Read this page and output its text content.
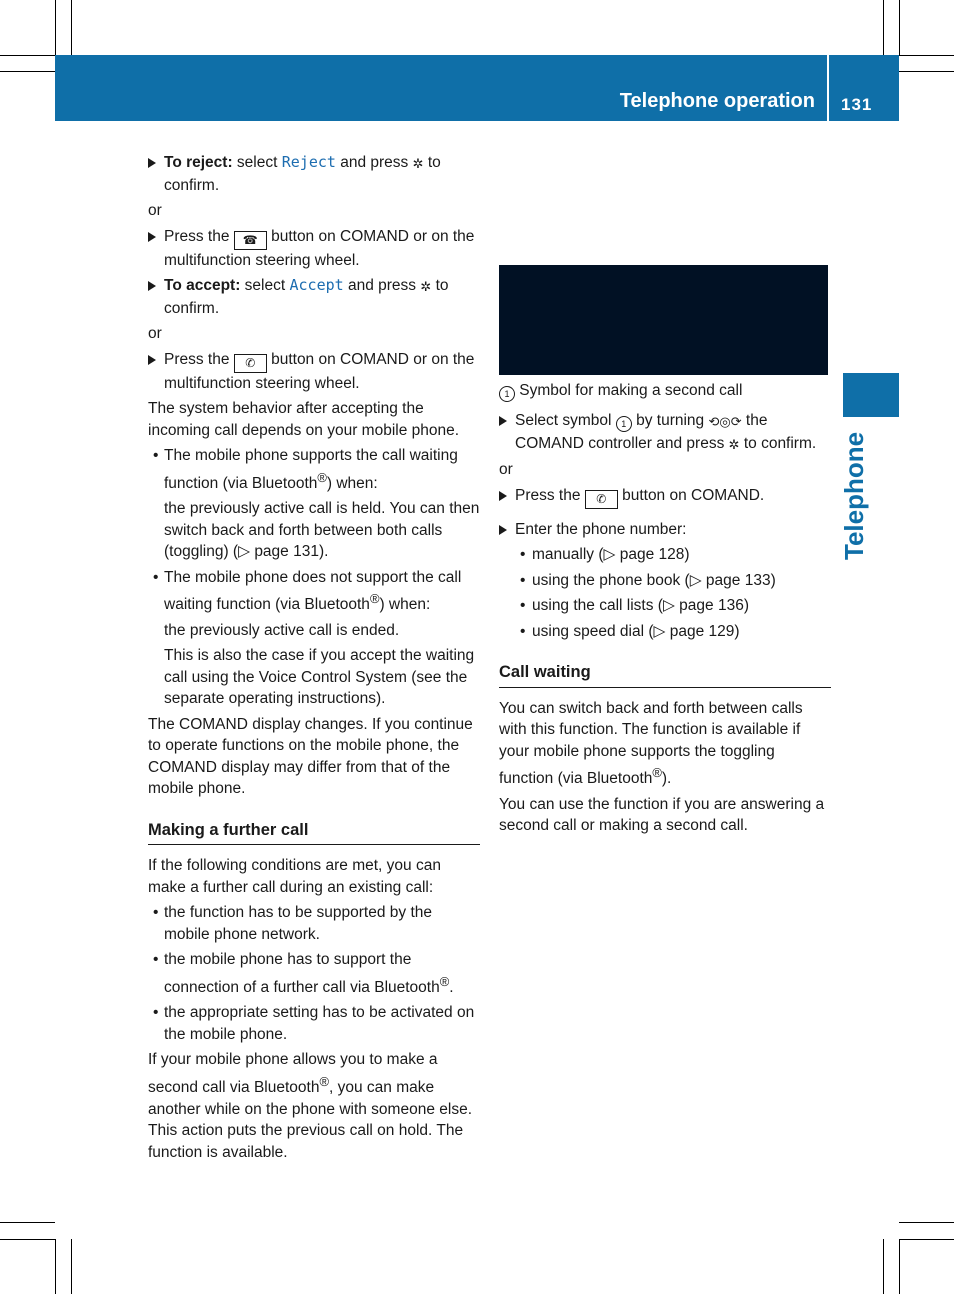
Telephone operation 131
Telephone
To reject: select Reject and press ✲ to confirm.

or

Press the ☎ button on COMAND or on the multifunction steering wheel.
To accept: select Accept and press ✲ to confirm.

or

Press the ✆ button on COMAND or on the multifunction steering wheel.

The system behavior after accepting the incoming call depends on your mobile phone.

• The mobile phone supports the call waiting function (via Bluetooth®) when:

the previously active call is held. You can then switch back and forth between both calls (toggling) (▷ page 131).

• The mobile phone does not support the call waiting function (via Bluetooth®) when:

the previously active call is ended.

This is also the case if you accept the waiting call using the Voice Control System (see the separate operating instructions).

The COMAND display changes. If you continue to operate functions on the mobile phone, the COMAND display may differ from that of the mobile phone.

Making a further call

If the following conditions are met, you can make a further call during an existing call:

• the function has to be supported by the mobile phone network.
• the mobile phone has to support the connection of a further call via Bluetooth®.
• the appropriate setting has to be activated on the mobile phone.

If your mobile phone allows you to make a second call via Bluetooth®, you can make another while on the phone with someone else. This action puts the previous call on hold. The function is available.

1 Symbol for making a second call

Select symbol 1 by turning ⟲◎⟳ the COMAND controller and press ✲ to confirm.

or

Press the ✆ button on COMAND.
Enter the phone number:
• manually (▷ page 128)
• using the phone book (▷ page 133)
• using the call lists (▷ page 136)
• using speed dial (▷ page 129)
Call waiting

You can switch back and forth between calls with this function. The function is available if your mobile phone supports the toggling function (via Bluetooth®).

You can use the function if you are answering a second call or making a second call.
